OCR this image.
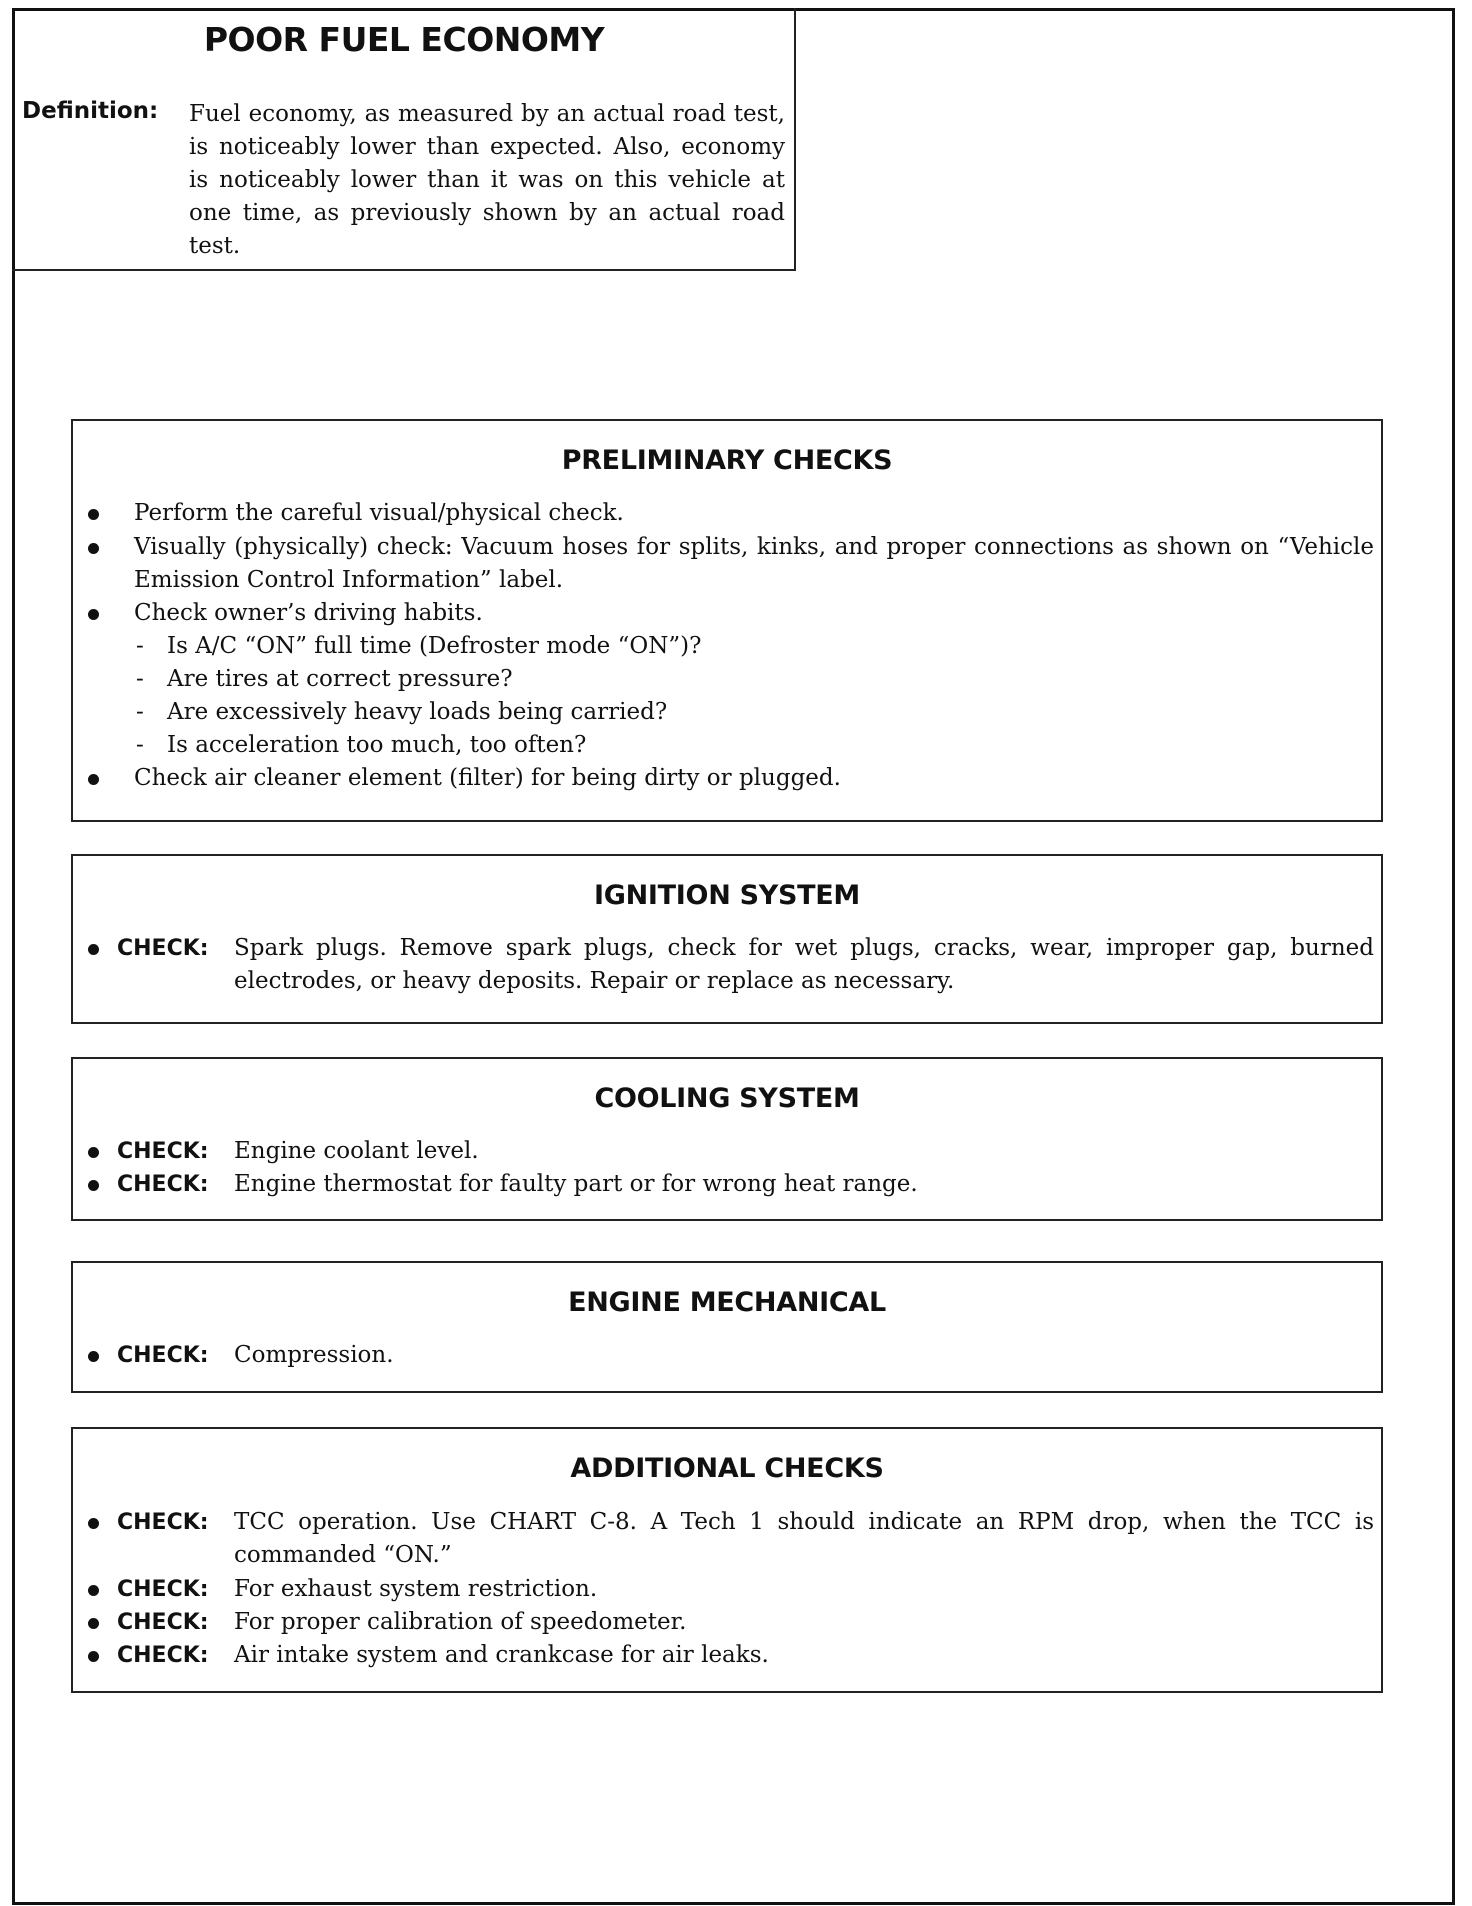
POOR FUEL ECONOMY
Definition: Fuel economy, as measured by an actual road test, is noticeably lower than expected. Also, economy is noticeably lower than it was on this vehicle at one time, as previously shown by an actual road test.
PRELIMINARY CHECKS
Perform the careful visual/physical check.
Visually (physically) check: Vacuum hoses for splits, kinks, and proper connections as shown on “Vehicle Emission Control Information” label.
Check owner’s driving habits.
- Is A/C “ON” full time (Defroster mode “ON”)?
- Are tires at correct pressure?
- Are excessively heavy loads being carried?
- Is acceleration too much, too often?
Check air cleaner element (filter) for being dirty or plugged.
IGNITION SYSTEM
CHECK: Spark plugs. Remove spark plugs, check for wet plugs, cracks, wear, improper gap, burned electrodes, or heavy deposits. Repair or replace as necessary.
COOLING SYSTEM
CHECK: Engine coolant level.
CHECK: Engine thermostat for faulty part or for wrong heat range.
ENGINE MECHANICAL
CHECK: Compression.
ADDITIONAL CHECKS
CHECK: TCC operation. Use CHART C-8. A Tech 1 should indicate an RPM drop, when the TCC is commanded “ON.”
CHECK: For exhaust system restriction.
CHECK: For proper calibration of speedometer.
CHECK: Air intake system and crankcase for air leaks.
